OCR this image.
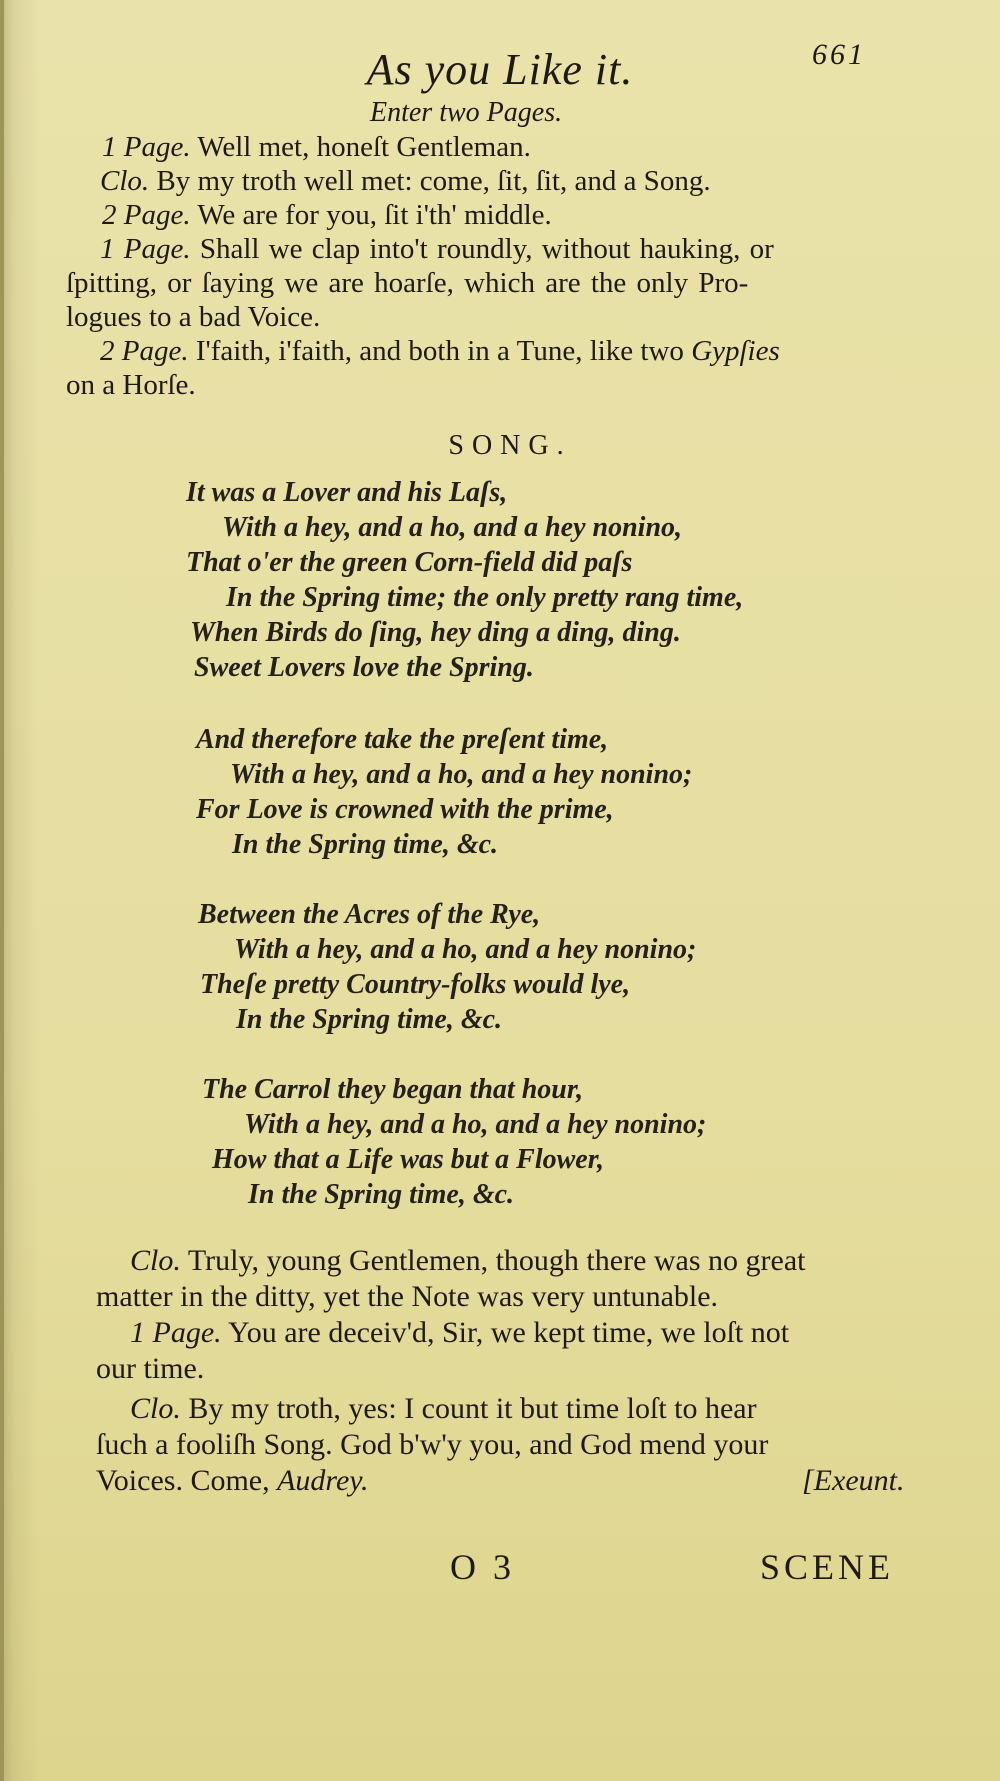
As you Like it.	661
Enter two Pages.
1 Page. Well met, honeſt Gentleman.
Clo. By my troth well met: come, ſit, ſit, and a Song.
2 Page. We are for you, ſit i'th' middle.
1 Page. Shall we clap into't roundly, without hauking, or
ſpitting, or ſaying we are hoarſe, which are the only Pro-
logues to a bad Voice.
2 Page. I'faith, i'faith, and both in a Tune, like two Gypſies
on a Horſe.
SONG.
It was a Lover and his Laſs,
With a hey, and a ho, and a hey nonino,
That o'er the green Corn-field did paſs
In the Spring time; the only pretty rang time,
When Birds do ſing, hey ding a ding, ding.
Sweet Lovers love the Spring.
And therefore take the preſent time,
With a hey, and a ho, and a hey nonino;
For Love is crowned with the prime,
In the Spring time, &c.
Between the Acres of the Rye,
With a hey, and a ho, and a hey nonino;
Theſe pretty Country-folks would lye,
In the Spring time, &c.
The Carrol they began that hour,
With a hey, and a ho, and a hey nonino;
How that a Life was but a Flower,
In the Spring time, &c.
Clo. Truly, young Gentlemen, though there was no great
matter in the ditty, yet the Note was very untunable.
1 Page. You are deceiv'd, Sir, we kept time, we loſt not
our time.
Clo. By my troth, yes: I count it but time loſt to hear
ſuch a fooliſh Song. God b'w'y you, and God mend your
Voices. Come, Audrey.	[Exeunt.
O 3	SCENE
